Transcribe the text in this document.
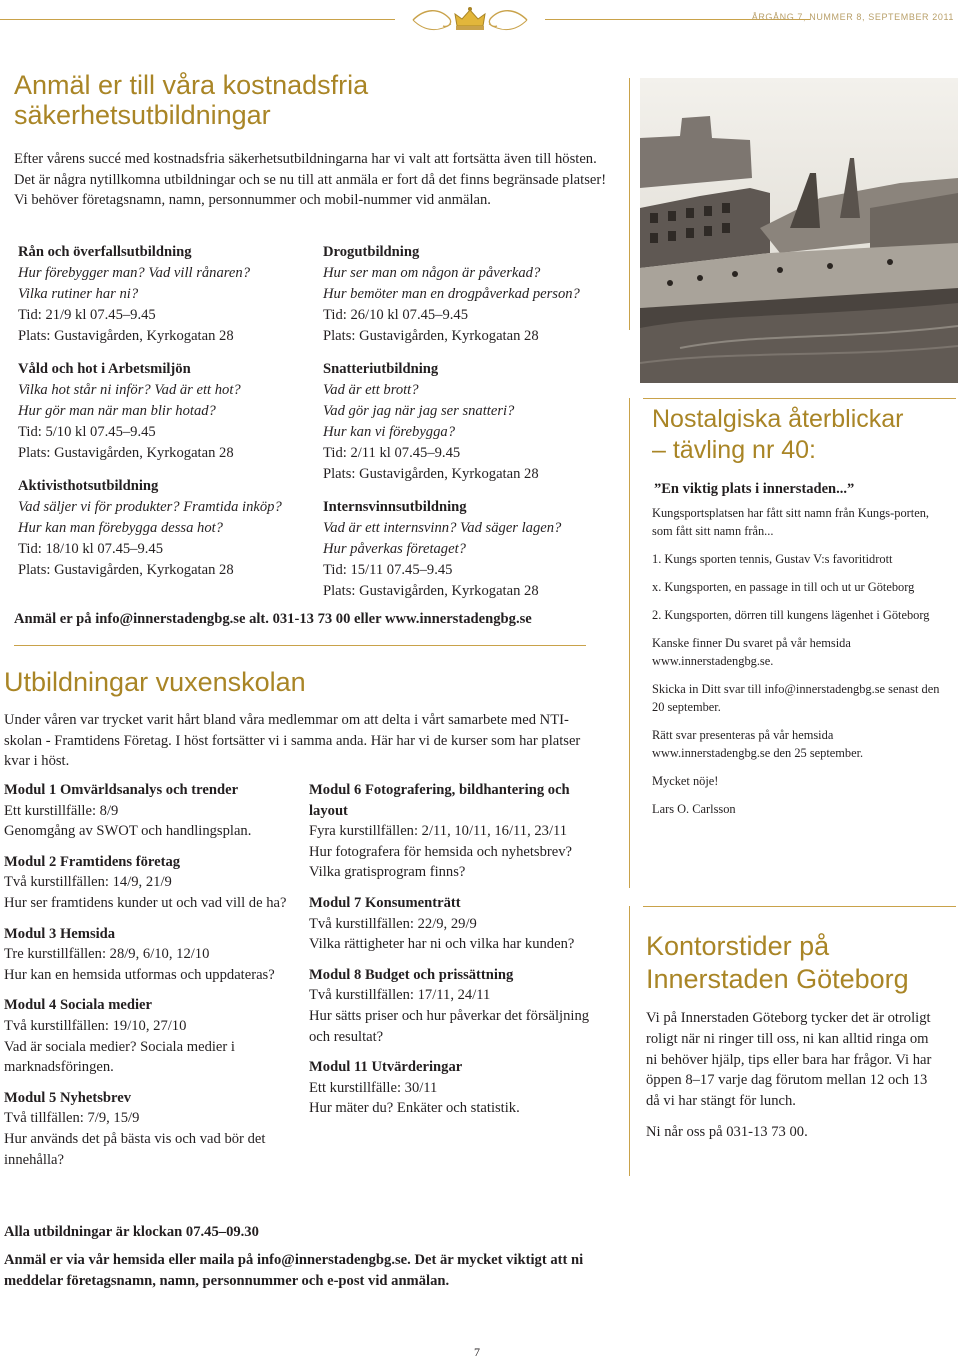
ÅRGÅNG 7, NUMMER 8, SEPTEMBER 2011
Anmäl er till våra kostnadsfria
säkerhetsutbildningar
Efter vårens succé med kostnadsfria säkerhetsutbildningarna har vi valt att fortsätta även till hösten. Det är några nytillkomna utbildningar och se nu till att anmäla er fort då det finns begränsade platser! Vi behöver företagsnamn, namn, personnummer och mobil-nummer vid anmälan.
Rån och överfallsutbildning
Hur förebygger man? Vad vill rånaren?
Vilka rutiner har ni?
Tid: 21/9 kl 07.45–9.45
Plats: Gustavigården, Kyrkogatan 28
Våld och hot i Arbetsmiljön
Vilka hot står ni inför? Vad är ett hot?
Hur gör man när man blir hotad?
Tid: 5/10 kl 07.45–9.45
Plats: Gustavigården, Kyrkogatan 28
Aktivisthotsutbildning
Vad säljer vi för produkter? Framtida inköp?
Hur kan man förebygga dessa hot?
Tid: 18/10 kl 07.45–9.45
Plats: Gustavigården, Kyrkogatan 28
Drogutbildning
Hur ser man om någon är påverkad?
Hur bemöter man en drogpåverkad person?
Tid: 26/10 kl 07.45–9.45
Plats: Gustavigården, Kyrkogatan 28
Snatteriutbildning
Vad är ett brott?
Vad gör jag när jag ser snatteri?
Hur kan vi förebygga?
Tid: 2/11 kl 07.45–9.45
Plats: Gustavigården, Kyrkogatan 28
Internsvinnsutbildning
Vad är ett internsvinn? Vad säger lagen?
Hur påverkas företaget?
Tid: 15/11 07.45–9.45
Plats: Gustavigården, Kyrkogatan 28
Anmäl er på info@innerstadengbg.se alt. 031-13 73 00 eller www.innerstadengbg.se
Utbildningar vuxenskolan
Under våren var trycket varit hårt bland våra medlemmar om att delta i vårt samarbete med NTI-skolan - Framtidens Företag. I höst fortsätter vi i samma anda. Här har vi de kurser som har platser kvar i höst.
Modul 1 Omvärldsanalys och trender
Ett kurstillfälle: 8/9
Genomgång av SWOT och handlingsplan.
Modul 2 Framtidens företag
Två kurstillfällen: 14/9, 21/9
Hur ser framtidens kunder ut och vad vill de ha?
Modul 3 Hemsida
Tre kurstillfällen: 28/9, 6/10, 12/10
Hur kan en hemsida utformas och uppdateras?
Modul 4 Sociala medier
Två kurstillfällen: 19/10, 27/10
Vad är sociala medier? Sociala medier i marknadsföringen.
Modul 5 Nyhetsbrev
Två tillfällen: 7/9, 15/9
Hur används det på bästa vis och vad bör det innehålla?
Modul 6 Fotografering, bildhantering och layout
Fyra kurstillfällen: 2/11, 10/11, 16/11, 23/11
Hur fotografera för hemsida och nyhetsbrev? Vilka gratisprogram finns?
Modul 7 Konsumenträtt
Två kurstillfällen: 22/9, 29/9
Vilka rättigheter har ni och vilka har kunden?
Modul 8 Budget och prissättning
Två kurstillfällen: 17/11, 24/11
Hur sätts priser och hur påverkar det försäljning och resultat?
Modul 11 Utvärderingar
Ett kurstillfälle: 30/11
Hur mäter du? Enkäter och statistik.
Alla utbildningar är klockan 07.45–09.30
Anmäl er via vår hemsida eller maila på info@innerstadengbg.se. Det är mycket viktigt att ni meddelar företagsnamn, namn, personnummer och e-post vid anmälan.
7
Nostalgiska återblickar
– tävling nr 40:
”En viktig plats i innerstaden...”

Kungsportsplatsen har fått sitt namn från Kungs-porten, som fått sitt namn från...

1. Kungs sporten tennis, Gustav V:s favoritidrott

x. Kungsporten, en passage in till och ut ur Göteborg

2. Kungsporten, dörren till kungens lägenhet i Göteborg

Kanske finner Du svaret på vår hemsida www.innerstadengbg.se.

Skicka in Ditt svar till info@innerstadengbg.se senast den 20 september.

Rätt svar presenteras på vår hemsida www.innerstadengbg.se den 25 september.

Mycket nöje!

Lars O. Carlsson

Kontorstider på
Innerstaden Göteborg

Vi på Innerstaden Göteborg tycker det är otroligt roligt när ni ringer till oss, ni kan alltid ringa om ni behöver hjälp, tips eller bara har frågor. Vi har öppen 8–17 varje dag förutom mellan 12 och 13 då vi har stängt för lunch.

Ni når oss på 031-13 73 00.
